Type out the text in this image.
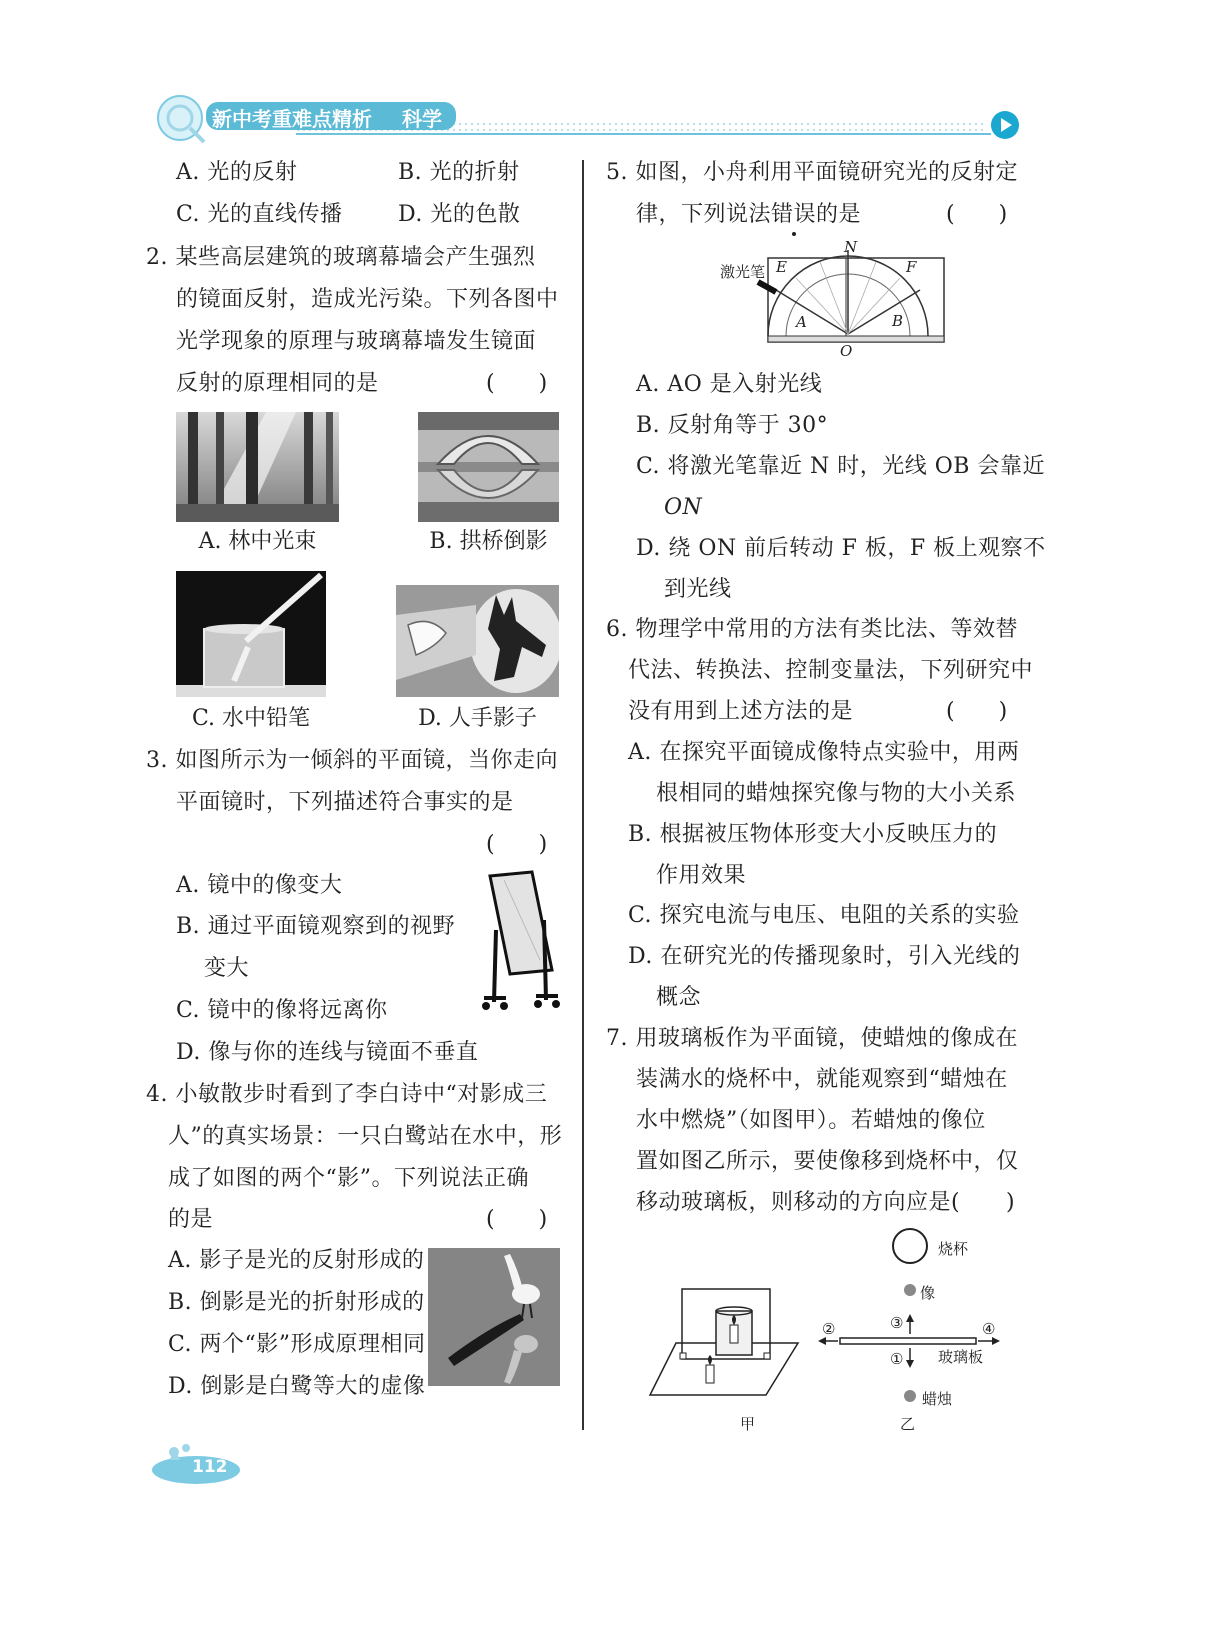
新中考重难点精析 科学
A. 光的反射	B. 光的折射
C. 光的直线传播	D. 光的色散
2. 某些高层建筑的玻璃幕墙会产生强烈
的镜面反射，造成光污染。下列各图中
光学现象的原理与玻璃幕墙发生镜面
反射的原理相同的是	(　　)
A. 林中光束	B. 拱桥倒影
C. 水中铅笔	D. 人手影子
3. 如图所示为一倾斜的平面镜，当你走向
平面镜时，下列描述符合事实的是
(　　)
A. 镜中的像变大
B. 通过平面镜观察到的视野
变大
C. 镜中的像将远离你
D. 像与你的连线与镜面不垂直
4. 小敏散步时看到了李白诗中“对影成三
人”的真实场景：一只白鹭站在水中，形
成了如图的两个“影”。下列说法正确
的是	(　　)
A. 影子是光的反射形成的
B. 倒影是光的折射形成的
C. 两个“影”形成原理相同
D. 倒影是白鹭等大的虚像
5. 如图，小舟利用平面镜研究光的反射定
律，下列说法错误的是	(　　)
激光笔 E	F
N
A	B
O
A. AO 是入射光线
B. 反射角等于 30°
C. 将激光笔靠近 N 时，光线 OB 会靠近
ON
D. 绕 ON 前后转动 F 板，F 板上观察不
到光线
6. 物理学中常用的方法有类比法、等效替
代法、转换法、控制变量法，下列研究中
没有用到上述方法的是	(　　)
A. 在探究平面镜成像特点实验中，用两
根相同的蜡烛探究像与物的大小关系
B. 根据被压物体形变大小反映压力的
作用效果
C. 探究电流与电压、电阻的关系的实验
D. 在研究光的传播现象时，引入光线的
概念
7. 用玻璃板作为平面镜，使蜡烛的像成在
装满水的烧杯中，就能观察到“蜡烛在
水中燃烧”（如图甲）。若蜡烛的像位
置如图乙所示，要使像移到烧杯中，仅
移动玻璃板，则移动的方向应是( )
甲
烧杯
像
②	③	④
① 玻璃板
蜡烛
乙
112
